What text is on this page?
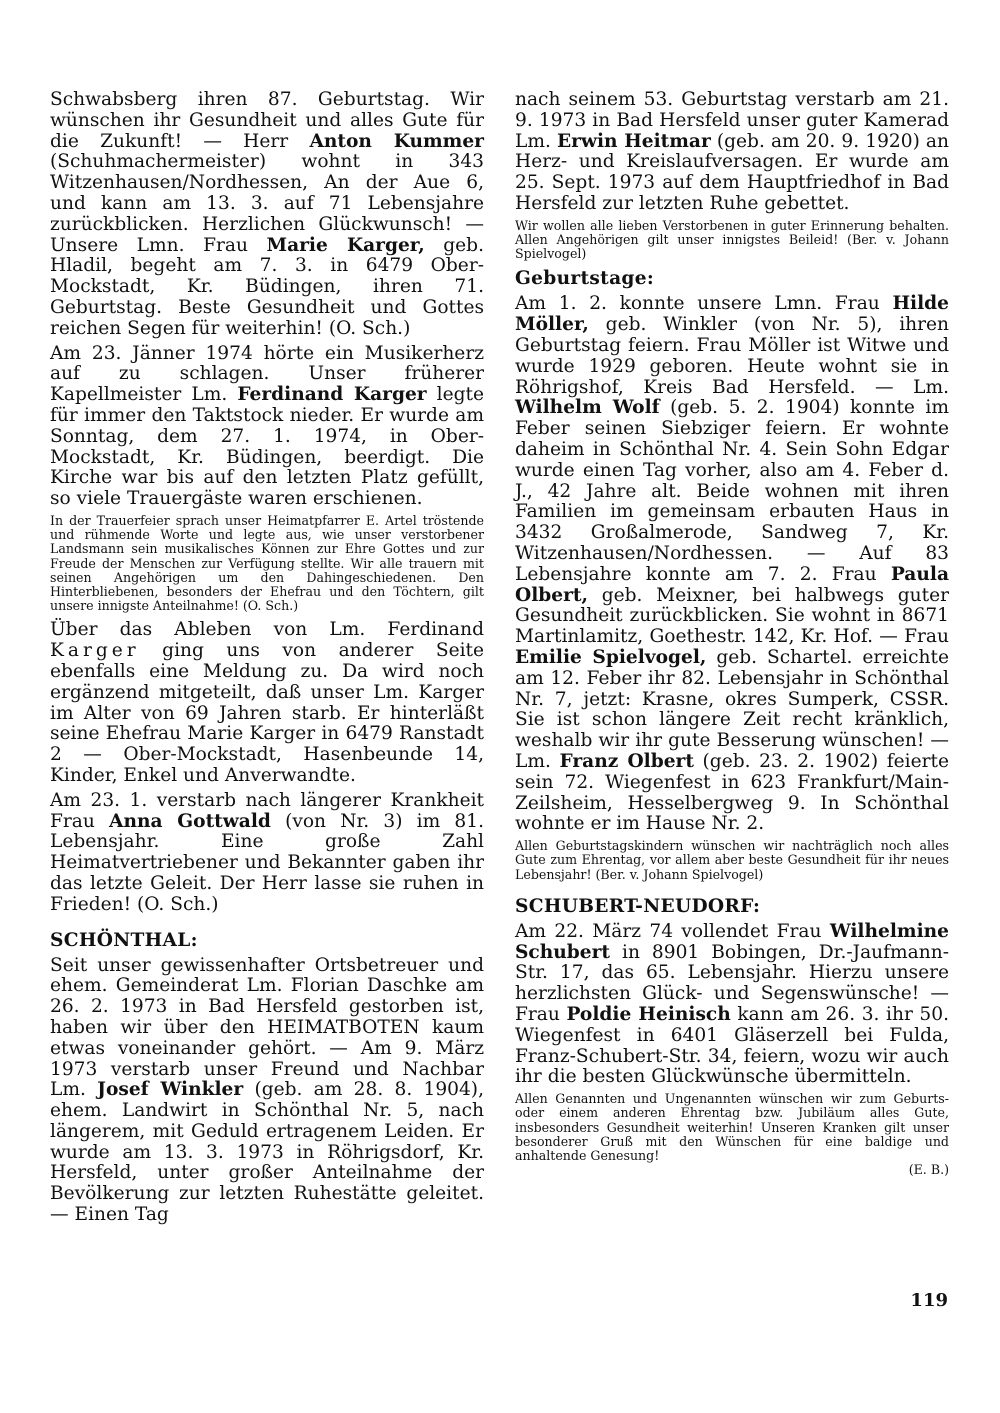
Schwabsberg ihren 87. Geburtstag. Wir wünschen ihr Gesundheit und alles Gute für die Zukunft! — Herr Anton Kummer (Schuhmachermeister) wohnt in 343 Witzenhausen/Nordhessen, An der Aue 6, und kann am 13. 3. auf 71 Lebensjahre zurückblicken. Herzlichen Glückwunsch! — Unsere Lmn. Frau Marie Karger, geb. Hladil, begeht am 7. 3. in 6479 Ober-Mockstadt, Kr. Büdingen, ihren 71. Geburtstag. Beste Gesundheit und Gottes reichen Segen für weiterhin! (O. Sch.)

Am 23. Jänner 1974 hörte ein Musikerherz auf zu schlagen. Unser früherer Kapellmeister Lm. Ferdinand Karger legte für immer den Taktstock nieder. Er wurde am Sonntag, dem 27. 1. 1974, in Ober-Mockstadt, Kr. Büdingen, beerdigt. Die Kirche war bis auf den letzten Platz gefüllt, so viele Trauergäste waren erschienen.

In der Trauerfeier sprach unser Heimatpfarrer E. Artel tröstende und rühmende Worte und legte aus, wie unser verstorbener Landsmann sein musikalisches Können zur Ehre Gottes und zur Freude der Menschen zur Verfügung stellte. Wir alle trauern mit seinen Angehörigen um den Dahingeschiedenen. Den Hinterbliebenen, besonders der Ehefrau und den Töchtern, gilt unsere innigste Anteilnahme! (O. Sch.)

Über das Ableben von Lm. Ferdinand Karger ging uns von anderer Seite ebenfalls eine Meldung zu. Da wird noch ergänzend mitgeteilt, daß unser Lm. Karger im Alter von 69 Jahren starb. Er hinterläßt seine Ehefrau Marie Karger in 6479 Ranstadt 2 — Ober-Mockstadt, Hasenbeunde 14, Kinder, Enkel und Anverwandte.

Am 23. 1. verstarb nach längerer Krankheit Frau Anna Gottwald (von Nr. 3) im 81. Lebensjahr. Eine große Zahl Heimatvertriebener und Bekannter gaben ihr das letzte Geleit. Der Herr lasse sie ruhen in Frieden! (O. Sch.)

SCHÖNTHAL:

Seit unser gewissenhafter Ortsbetreuer und ehem. Gemeinderat Lm. Florian Daschke am 26. 2. 1973 in Bad Hersfeld gestorben ist, haben wir über den HEIMATBOTEN kaum etwas voneinander gehört. — Am 9. März 1973 verstarb unser Freund und Nachbar Lm. Josef Winkler (geb. am 28. 8. 1904), ehem. Landwirt in Schönthal Nr. 5, nach längerem, mit Geduld ertragenem Leiden. Er wurde am 13. 3. 1973 in Röhrigsdorf, Kr. Hersfeld, unter großer Anteilnahme der Bevölkerung zur letzten Ruhestätte geleitet. — Einen Tag

nach seinem 53. Geburtstag verstarb am 21. 9. 1973 in Bad Hersfeld unser guter Kamerad Lm. Erwin Heitmar (geb. am 20. 9. 1920) an Herz- und Kreislaufversagen. Er wurde am 25. Sept. 1973 auf dem Hauptfriedhof in Bad Hersfeld zur letzten Ruhe gebettet.

Wir wollen alle lieben Verstorbenen in guter Erinnerung behalten. Allen Angehörigen gilt unser innigstes Beileid! (Ber. v. Johann Spielvogel)

Geburtstage:

Am 1. 2. konnte unsere Lmn. Frau Hilde Möller, geb. Winkler (von Nr. 5), ihren Geburtstag feiern. Frau Möller ist Witwe und wurde 1929 geboren. Heute wohnt sie in Röhrigshof, Kreis Bad Hersfeld. — Lm. Wilhelm Wolf (geb. 5. 2. 1904) konnte im Feber seinen Siebziger feiern. Er wohnte daheim in Schönthal Nr. 4. Sein Sohn Edgar wurde einen Tag vorher, also am 4. Feber d. J., 42 Jahre alt. Beide wohnen mit ihren Familien im gemeinsam erbauten Haus in 3432 Großalmerode, Sandweg 7, Kr. Witzenhausen/Nordhessen. — Auf 83 Lebensjahre konnte am 7. 2. Frau Paula Olbert, geb. Meixner, bei halbwegs guter Gesundheit zurückblicken. Sie wohnt in 8671 Martinlamitz, Goethestr. 142, Kr. Hof. — Frau Emilie Spielvogel, geb. Schartel. erreichte am 12. Feber ihr 82. Lebensjahr in Schönthal Nr. 7, jetzt: Krasne, okres Sumperk, CSSR. Sie ist schon längere Zeit recht kränklich, weshalb wir ihr gute Besserung wünschen! — Lm. Franz Olbert (geb. 23. 2. 1902) feierte sein 72. Wiegenfest in 623 Frankfurt/Main-Zeilsheim, Hesselbergweg 9. In Schönthal wohnte er im Hause Nr. 2.

Allen Geburtstagskindern wünschen wir nachträglich noch alles Gute zum Ehrentag, vor allem aber beste Gesundheit für ihr neues Lebensjahr! (Ber. v. Johann Spielvogel)

SCHUBERT-NEUDORF:

Am 22. März 74 vollendet Frau Wilhelmine Schubert in 8901 Bobingen, Dr.-Jaufmann-Str. 17, das 65. Lebensjahr. Hierzu unsere herzlichsten Glück- und Segenswünsche! — Frau Poldie Heinisch kann am 26. 3. ihr 50. Wiegenfest in 6401 Gläserzell bei Fulda, Franz-Schubert-Str. 34, feiern, wozu wir auch ihr die besten Glückwünsche übermitteln.

Allen Genannten und Ungenannten wünschen wir zum Geburts- oder einem anderen Ehrentag bzw. Jubiläum alles Gute, insbesonders Gesundheit weiterhin! Unseren Kranken gilt unser besonderer Gruß mit den Wünschen für eine baldige und anhaltende Genesung!

(E. B.)

119
